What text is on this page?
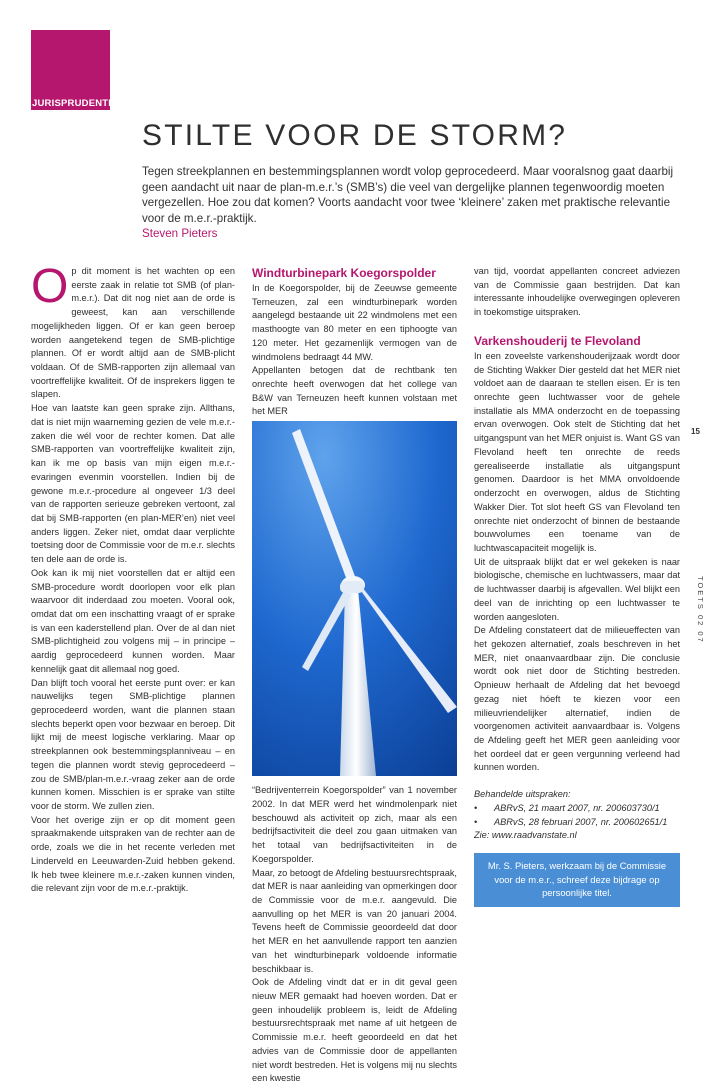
JURISPRUDENTIE
STILTE VOOR DE STORM?
Tegen streekplannen en bestemmingsplannen wordt volop geprocedeerd. Maar vooralsnog gaat daarbij geen aandacht uit naar de plan-m.e.r.’s (SMB’s) die veel van dergelijke plannen tegenwoordig moeten vergezellen. Hoe zou dat komen? Voorts aandacht voor twee ‘kleinere’ zaken met praktische relevantie voor de m.e.r.-praktijk.
Steven Pieters

Op dit moment is het wachten op een eerste zaak in relatie tot SMB (of plan-m.e.r.). Dat dit nog niet aan de orde is geweest, kan aan verschillende mogelijkheden liggen. Of er kan geen beroep worden aangetekend tegen de SMB-plichtige plannen. Of er wordt altijd aan de SMB-plicht voldaan. Of de SMB-rapporten zijn allemaal van voortreffelijke kwaliteit. Of de insprekers liggen te slapen.

Hoe van laatste kan geen sprake zijn. Allthans, dat is niet mijn waarneming gezien de vele m.e.r.-zaken die wél voor de rechter komen. Dat alle SMB-rapporten van voortreffelijke kwaliteit zijn, kan ik me op basis van mijn eigen m.e.r.-evaringen evenmin voorstellen. Indien bij de gewone m.e.r.-procedure al ongeveer 1/3 deel van de rapporten serieuze gebreken vertoont, zal dat bij SMB-rapporten (en plan-MER’en) niet veel anders liggen. Zeker niet, omdat daar verplichte toetsing door de Commissie voor de m.e.r. slechts ten dele aan de orde is.

Ook kan ik mij niet voorstellen dat er altijd een SMB-procedure wordt doorlopen voor elk plan waarvoor dit inderdaad zou moeten. Vooral ook, omdat dat om een inschatting vraagt of er sprake is van een kaderstellend plan. Over de al dan niet SMB-plichtigheid zou volgens mij – in principe – aardig geprocedeerd kunnen worden. Maar kennelijk gaat dit allemaal nog goed.

Dan blijft toch vooral het eerste punt over: er kan nauwelijks tegen SMB-plichtige plannen geprocedeerd worden, want die plannen staan slechts beperkt open voor bezwaar en beroep. Dit lijkt mij de meest logische verklaring. Maar op streekplannen ook bestemmingsplanniveau – en tegen die plannen wordt stevig geprocedeerd – zou de SMB/plan-m.e.r.-vraag zeker aan de orde kunnen komen. Misschien is er sprake van stilte voor de storm. We zullen zien.

Voor het overige zijn er op dit moment geen spraakmakende uitspraken van de rechter aan de orde, zoals we die in het recente verleden met Linderveld en Leeuwarden-Zuid hebben gekend. Ik heb twee kleinere m.e.r.-zaken kunnen vinden, die relevant zijn voor de m.e.r.-praktijk.

Windturbinepark Koegorspolder

In de Koegorspolder, bij de Zeeuwse gemeente Terneuzen, zal een windturbinepark worden aangelegd bestaande uit 22 windmolens met een masthoogte van 80 meter en een tiphoogte van 120 meter. Het gezamenlijk vermogen van de windmolens bedraagt 44 MW.

Appellanten betogen dat de rechtbank ten onrechte heeft overwogen dat het college van B&W van Terneuzen heeft kunnen volstaan met het MER

FOTO: CSC-SDS

“Bedrijventerrein Koegorspolder” van 1 november 2002. In dat MER werd het windmolenpark niet beschouwd als activiteit op zich, maar als een bedrijfsactiviteit die deel zou gaan uitmaken van het totaal van bedrijfsactiviteiten in de Koegorspolder.

Maar, zo betoogt de Afdeling bestuursrechtspraak, dat MER is naar aanleiding van opmerkingen door de Commissie voor de m.e.r. aangevuld. Die aanvulling op het MER is van 20 januari 2004. Tevens heeft de Commissie geoordeeld dat door het MER en het aanvullende rapport ten aanzien van het windturbinepark voldoende informatie beschikbaar is.

Ook de Afdeling vindt dat er in dit geval geen nieuw MER gemaakt had hoeven worden. Dat er geen inhoudelijk probleem is, leidt de Afdeling bestuursrechtspraak met name af uit hetgeen de Commissie m.e.r. heeft geoordeeld en dat het advies van de Commissie door de appellanten niet wordt bestreden. Het is volgens mij nu slechts een kwestie

van tijd, voordat appellanten concreet adviezen van de Commissie gaan bestrijden. Dat kan interessante inhoudelijke overwegingen opleveren in toekomstige uitspraken.

Varkenshouderij te Flevoland

In een zoveelste varkenshouderijzaak wordt door de Stichting Wakker Dier gesteld dat het MER niet voldoet aan de daaraan te stellen eisen. Er is ten onrechte geen luchtwasser voor de gehele installatie als MMA onderzocht en de toepassing ervan overwogen. Ook stelt de Stichting dat het uitgangspunt van het MER onjuist is. Want GS van Flevoland heeft ten onrechte de reeds gerealiseerde installatie als uitgangspunt genomen. Daardoor is het MMA onvoldoende onderzocht en overwogen, aldus de Stichting Wakker Dier. Tot slot heeft GS van Flevoland ten onrechte niet onderzocht of binnen de bestaande bouwvolumes een toename van de luchtwascapaciteit mogelijk is.

Uit de uitspraak blijkt dat er wel gekeken is naar biologische, chemische en luchtwassers, maar dat de luchtwasser daarbij is afgevallen. Wel blijkt een deel van de inrichting op een luchtwasser te worden aangesloten.

De Afdeling constateert dat de milieueffecten van het gekozen alternatief, zoals beschreven in het MER, niet onaanvaardbaar zijn. Die conclusie wordt ook niet door de Stichting bestreden. Opnieuw herhaalt de Afdeling dat het bevoegd gezag niet hóeft te kiezen voor een milieuvriendelijker alternatief, indien de voorgenomen activiteit aanvaardbaar is. Volgens de Afdeling geeft het MER geen aanleiding voor het oordeel dat er geen vergunning verleend had kunnen worden.

Behandelde uitspraken:

•	ABRvS, 21 maart 2007, nr. 200603730/1
•	ABRvS, 28 februari 2007, nr. 200602651/1

Zie: www.raadvanstate.nl

Mr. S. Pieters, werkzaam bij de Commissie voor de m.e.r., schreef deze bijdrage op persoonlijke titel.
15
TOETS 02 07
